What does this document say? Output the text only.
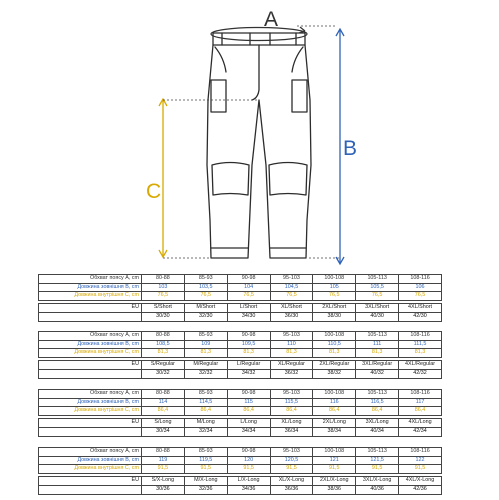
A
B
C
Обхват поясу A, cm	80-88	85-93	90-98	95-103	100-108	105-113	108-116
Довжина зовнішня B, cm	103	103,5	104	104,5	105	105,5	106
Довжина внутрішня C, cm	76,5	76,5	76,5	76,5	76,5	76,5	76,5

EU	S/Short	M/Short	L/Short	XL/Short	2XL/Short	3XL/Short	4XL/Short
	30/30	32/30	34/30	36/30	38/30	40/30	42/30
Обхват поясу A, cm	80-88	85-93	90-98	95-103	100-108	105-113	108-116
Довжина зовнішня B, cm	108,5	109	109,5	110	110,5	111	111,5
Довжина внутрішня C, cm	81,3	81,3	81,3	81,3	81,3	81,3	81,3

EU	S/Regular	M/Regular	L/Regular	XL/Regular	2XL/Regular	3XL/Regular	4XL/Regular
	30/32	32/32	34/32	36/32	38/32	40/32	42/32
Обхват поясу A, cm	80-88	85-93	90-98	95-103	100-108	105-113	108-116
Довжина зовнішня B, cm	114	114,5	115	115,5	116	116,5	117
Довжина внутрішня C, cm	86,4	86,4	86,4	86,4	86,4	86,4	86,4

EU	S/Long	M/Long	L/Long	XL/Long	2XL/Long	3XL/Long	4XL/Long
	30/34	32/34	34/34	36/34	38/34	40/34	42/34
Обхват поясу A, cm	80-88	85-93	90-98	95-103	100-108	105-113	108-116
Довжина зовнішня B, cm	119	119,5	120	120,5	121	121,5	122
Довжина внутрішня C, cm	91,5	91,5	91,5	91,5	91,5	91,5	91,5

EU	S/X-Long	M/X-Long	L/X-Long	XL/X-Long	2XL/X-Long	3XL/X-Long	4XL/X-Long
	30/36	32/36	34/36	36/36	38/36	40/36	42/36
